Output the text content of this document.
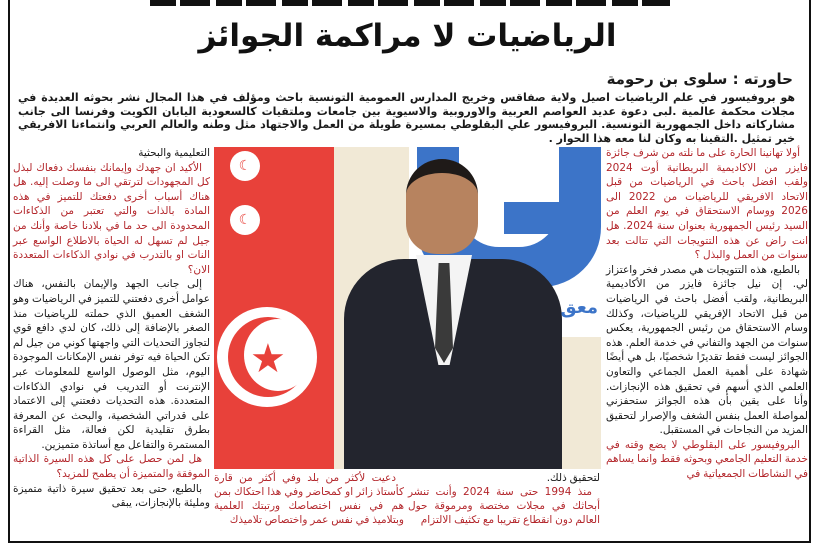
الرياضيات لا مراكمة الجوائز
حاورته : سلوى بن رحومة

هو بروفيسور في علم الرياضيات اصيل ولاية صفاقس وخريج المدارس العمومية التونسية باحث ومؤلف في هذا المجال نشر بحوثه العديدة في مجلات محكمة عالمية .لبى دعوة عديد العواصم العربية والاوروبية والاسيوية بين جامعات وملتقيات كالسعودية اليابان الكويت وفرنسا الى جانب مشاركاته داخل الجمهورية التونسية. البروفيسور علي البقلوطي بمسيرة طويلة من العمل والاجتهاد مثل وطنه والعالم العربي وانتماءنا الافريقي خير تمثيل .التقينا به وكان لنا معه هذا الحوار .

أولا تهانينا الحارة على ما نلته من شرف جائزة فايزر من الاكاديمية البريطانية أوت 2024 ولقب افضل باحث في الرياضيات من قبل الاتحاد الافريقي للرياضيات من 2022 الى 2026 ووسام الاستحقاق في يوم العلم من السيد رئيس الجمهورية بعنوان سنة 2024. هل انت راض عن هذه التتويجات التي تتالت بعد سنوات من العمل والبذل ؟

بالطبع، هذه التتويجات هي مصدر فخر واعتزاز لي. إن نيل جائزة فايزر من الأكاديمية البريطانية، ولقب أفضل باحث في الرياضيات من قبل الاتحاد الإفريقي للرياضيات، وكذلك وسام الاستحقاق من رئيس الجمهورية، يعكس سنوات من الجهد والتفاني في خدمة العلم. هذه الجوائز ليست فقط تقديرًا شخصيًا، بل هي أيضًا شهادة على أهمية العمل الجماعي والتعاون العلمي الذي أسهم في تحقيق هذه الإنجازات. وأنا على يقين بأن هذه الجوائز ستحفزني لمواصلة العمل بنفس الشغف والإصرار لتحقيق المزيد من النجاحات في المستقبل.

البروفيسور على البقلوطي لا يضع وقته في خدمة التعليم الجامعي وبحوثه فقط وانما يساهم في النشاطات الجمعياتية في

☾
☾
★
معق
لتحقيق ذلك.

منذ 1994 حتى سنة 2024 وأنت تنشر أبحاثك في مجلات مختصة ومرموقة حول العالم دون انقطاع تقريبا مع تكثيف الالتزام

دعيت لأكثر من بلد وفي أكثر من قارة كأستاذ زائر او كمحاضر وفي هذا احتكاك بمن هم في نفس اختصاصك ورتبتك العلمية وبتلاميذ في نفس عمر واختصاص تلاميذك

التعليمية والبحثية

الأكيد ان جهدك وإيمانك بنفسك دفعاك لبذل كل المجهودات لترتقي الى ما وصلت إليه. هل هناك أسباب أخرى دفعتك للتميز في هذه المادة بالذات والتي تعتبر من الذكاءات المحدودة الى حد ما في بلادنا خاصة وأنك من جيل لم تسهل له الحياة بالاطلاع الواسع عبر النات او بالتدرب في نوادي الذكاءات المتعددة الان؟

إلى جانب الجهد والإيمان بالنفس، هناك عوامل أخرى دفعتني للتميز في الرياضيات وهو الشغف العميق الذي حملته للرياضيات منذ الصغر بالإضافة إلى ذلك، كان لدي دافع قوي لتجاوز التحديات التي واجهتها كوني من جيل لم تكن الحياة فيه توفر نفس الإمكانات الموجودة اليوم، مثل الوصول الواسع للمعلومات عبر الإنترنت أو التدريب في نوادي الذكاءات المتعددة. هذه التحديات دفعتني إلى الاعتماد على قدراتي الشخصية، والبحث عن المعرفة بطرق تقليدية لكن فعالة، مثل القراءة المستمرة والتفاعل مع أساتذة متميزين.

هل لمن حصل على كل هذه السيرة الذاتية الموفقة والمتميزة أن يطمح للمزيد؟

بالطبع، حتى بعد تحقيق سيرة ذاتية متميزة ومليئة بالإنجازات، يبقى
